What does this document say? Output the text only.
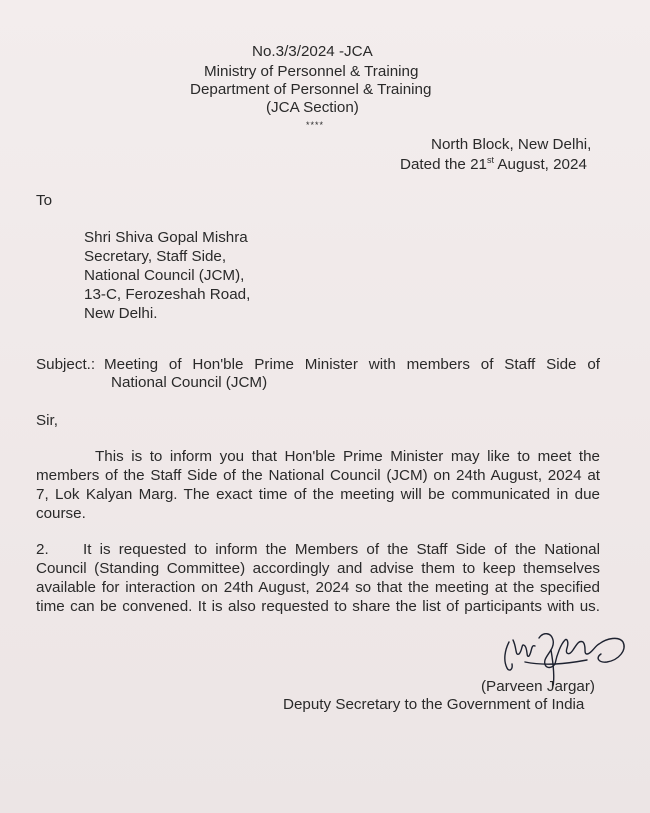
No.3/3/2024 -JCA
Ministry of Personnel & Training
Department of Personnel & Training
(JCA Section)
****
North Block, New Delhi,
Dated the 21st August, 2024
To
Shri Shiva Gopal Mishra
Secretary, Staff Side,
National Council (JCM),
13-C, Ferozeshah Road,
New Delhi.
Subject.: Meeting of Hon'ble Prime Minister with members of Staff Side of
National Council (JCM)
Sir,
This is to inform you that Hon'ble Prime Minister may like to meet the
members of the Staff Side of the National Council (JCM) on 24th August, 2024 at
7, Lok Kalyan Marg. The exact time of the meeting will be communicated in due
course.
2. It is requested to inform the Members of the Staff Side of the National
Council (Standing Committee) accordingly and advise them to keep themselves
available for interaction on 24th August, 2024 so that the meeting at the specified
time can be convened. It is also requested to share the list of participants with us.
(Parveen Jargar)
Deputy Secretary to the Government of India
